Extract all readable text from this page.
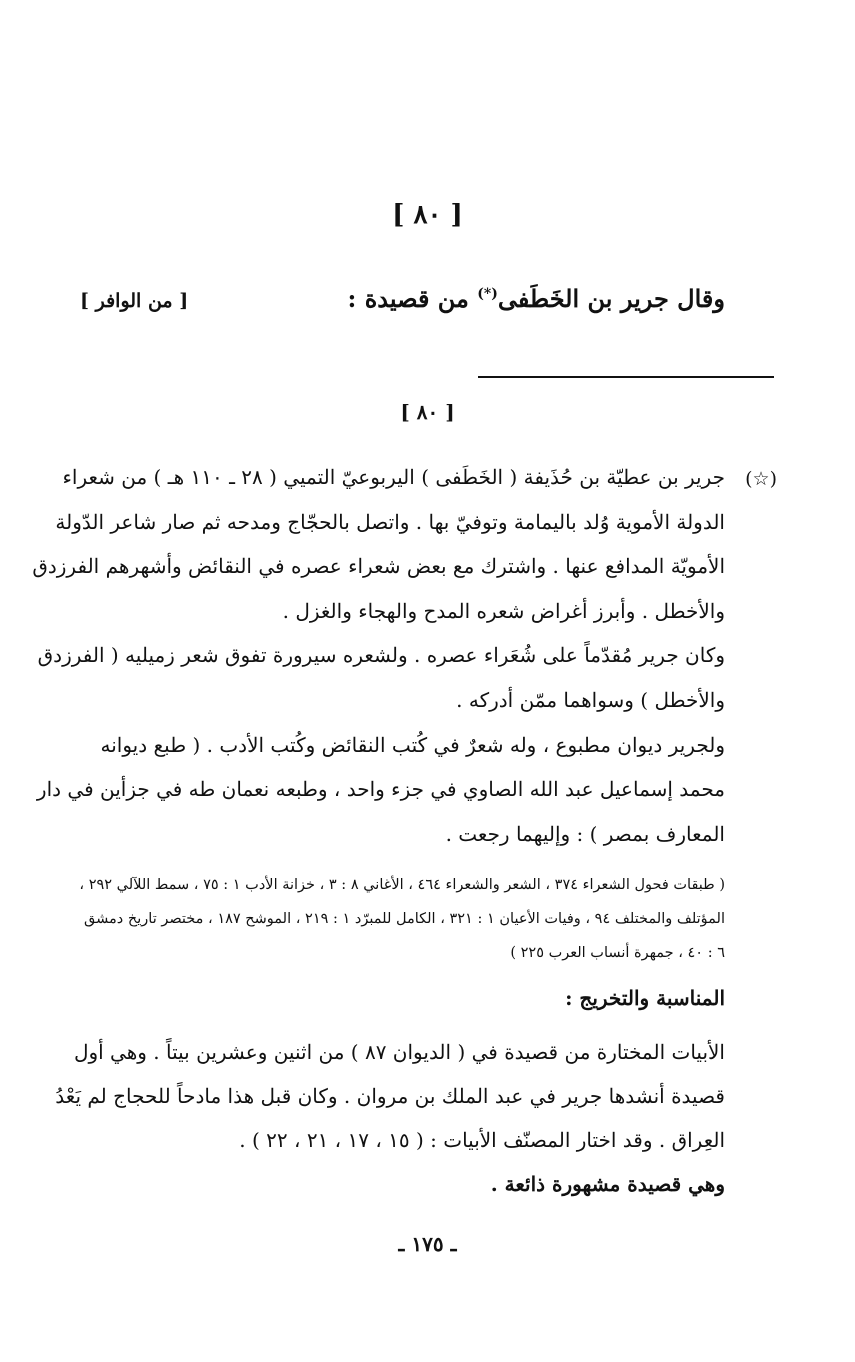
[ ٨٠ ]
وقال جرير بن الخَطَفى(*) من قصيدة :
[ من الوافر ]
[ ٨٠ ]
(☆)
جرير بن عطيّة بن حُذَيفة ( الخَطَفى ) اليربوعيّ التميي ( ٢٨ ـ ١١٠ هـ ) من شعراء
الدولة الأموية وُلد باليمامة وتوفيّ بها . واتصل بالحجّاج ومدحه ثم صار شاعر الدّولة
الأمويّة المدافع عنها . واشترك مع بعض شعراء عصره في النقائض وأشهرهم الفرزدق
والأخطل . وأبرز أغراض شعره المدح والهجاء والغزل .
وكان جرير مُقدّماً على شُعَراء عصره . ولشعره سيرورة تفوق شعر زميليه ( الفرزدق
والأخطل ) وسواهما ممّن أدركه .
ولجرير ديوان مطبوع ، وله شعرٌ في كُتب النقائض وكُتب الأدب . ( طبع ديوانه
محمد إسماعيل عبد الله الصاوي في جزء واحد ، وطبعه نعمان طه في جزأين في دار
المعارف بمصر ) : وإليهما رجعت .
( طبقات فحول الشعراء ٣٧٤ ، الشعر والشعراء ٤٦٤ ، الأغاني ٨ : ٣ ، خزانة الأدب ١ : ٧٥ ، سمط اللآلي ٢٩٢ ،
المؤتلف والمختلف ٩٤ ، وفيات الأعيان ١ : ٣٢١ ، الكامل للمبرّد ١ : ٢١٩ ، الموشح ١٨٧ ، مختصر تاريخ دمشق
٦ : ٤٠ ، جمهرة أنساب العرب ٢٢٥ )
المناسبة والتخريج :
الأبيات المختارة من قصيدة في ( الديوان ٨٧ ) من اثنين وعشرين بيتاً . وهي أول
قصيدة أنشدها جرير في عبد الملك بن مروان . وكان قبل هذا مادحاً للحجاج لم يَعْدُ
العِراق . وقد اختار المصنّف الأبيات : ( ١٥ ، ١٧ ، ٢١ ، ٢٢ ) .
وهي قصيدة مشهورة ذائعة .
ـ ١٧٥ ـ
